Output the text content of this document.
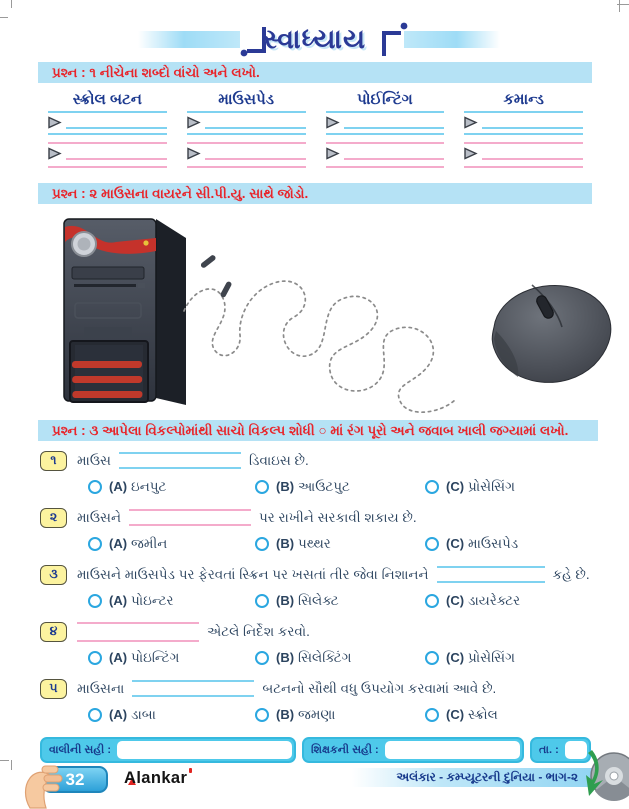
સ્વાધ્યાય
પ્રશ્ન : ૧ નીચેના શબ્દો વાંચો અને લખો.
સ્ક્રોલ બટન	માઉસપેડ	પોઈન્ટિંગ	કમાન્ડ
પ્રશ્ન : ૨ માઉસના વાયરને સી.પી.યુ. સાથે જોડો.
પ્રશ્ન : ૩ આપેલા વિકલ્પોમાંથી સાચો વિકલ્પ શોધી ○ માં રંગ પૂરો અને જવાબ ખાલી જગ્યામાં લખો.
૧	માઉસ	ડિવાઇસ છે.
(A) ઇનપુટ	(B) આઉટપુટ	(C) પ્રોસેસિંગ
૨	માઉસને	પર રાખીને સરકાવી શકાય છે.
(A) જમીન	(B) પથ્થર	(C) માઉસપેડ
૩	માઉસને માઉસપેડ પર ફેરવતાં સ્ક્રિન પર ખસતાં તીર જેવા નિશાનને	કહે છે.
(A) પોઇન્ટર	(B) સિલેક્ટ	(C) ડાયરેક્ટર
૪	એટલે નિર્દેશ કરવો.
(A) પોઇન્ટિંગ	(B) સિલેક્ટિંગ	(C) પ્રોસેસિંગ
૫	માઉસના	બટનનો સૌથી વધુ ઉપયોગ કરવામાં આવે છે.
(A) ડાબા	(B) જમણા	(C) સ્ક્રોલ
વાલીની સહી :	શિક્ષકની સહી :	તા. :
32	Alankar	અલંકાર - કમ્પ્યૂટરની દુનિયા - ભાગ-૨
